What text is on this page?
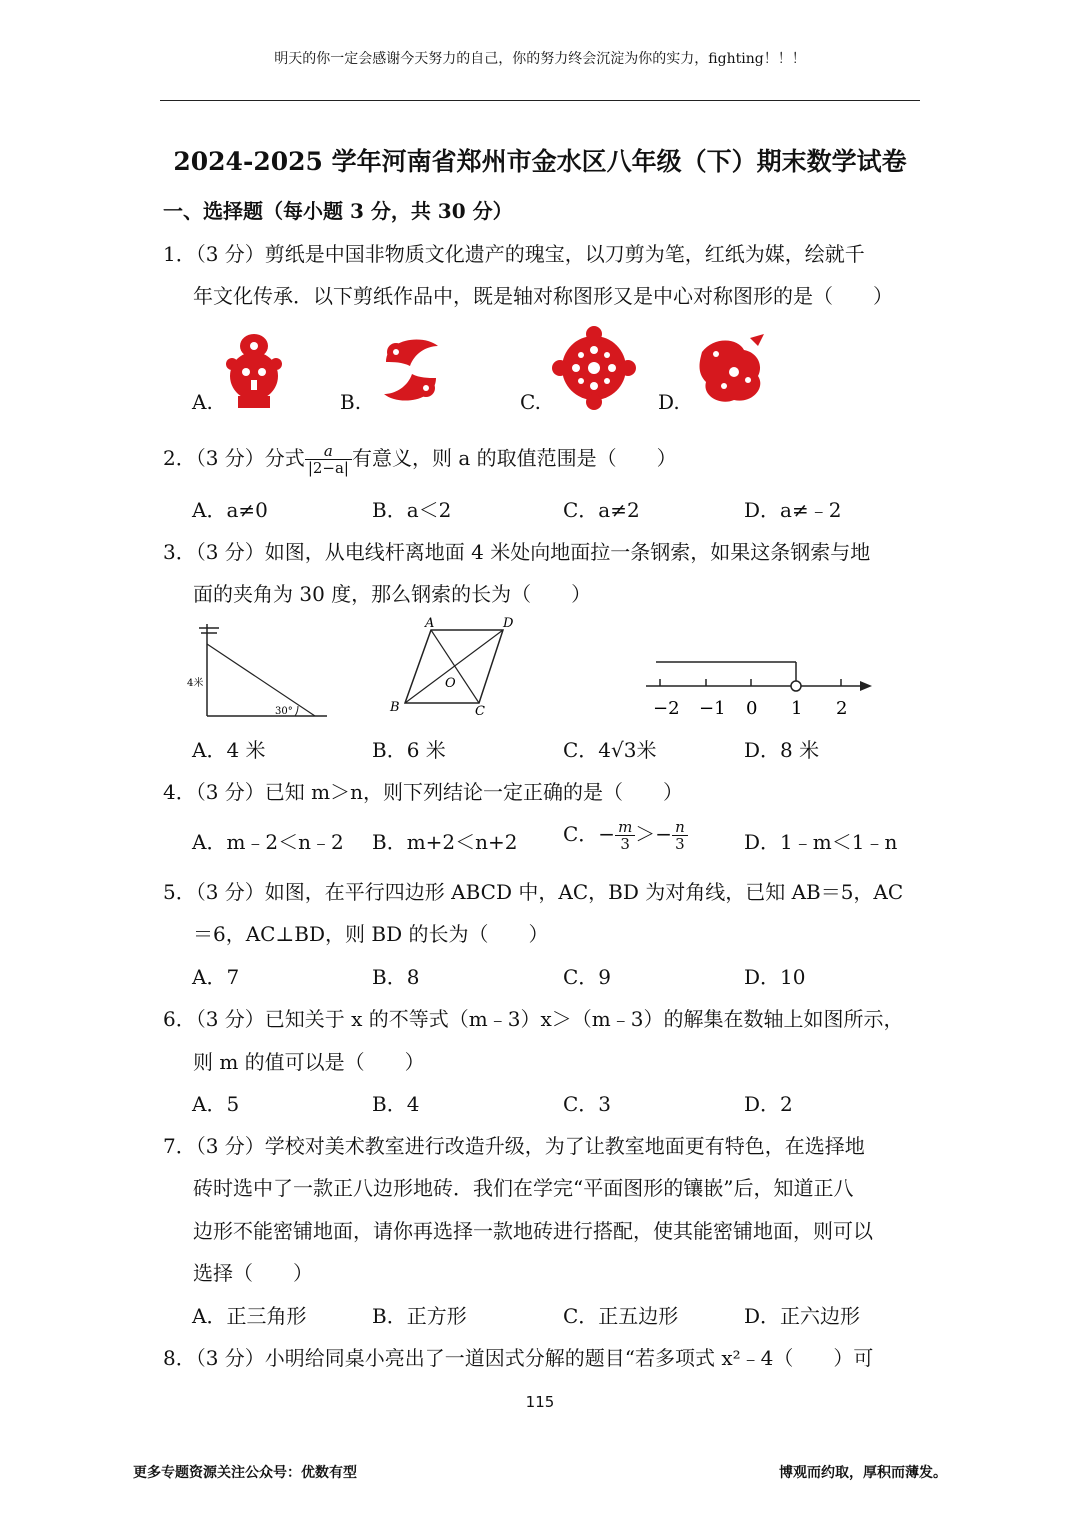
明天的你一定会感谢今天努力的自己，你的努力终会沉淀为你的实力，fighting！！！
2024-2025 学年河南省郑州市金水区八年级（下）期末数学试卷
一、选择题（每小题 3 分，共 30 分）
1．（3 分）剪纸是中国非物质文化遗产的瑰宝，以刀剪为笔，红纸为媒，绘就千
年文化传承．以下剪纸作品中，既是轴对称图形又是中心对称图形的是（　　）
A.	B.	C.	D.
2．（3 分）分式 $\frac{a}{|2-a|}$ 有意义，则 a 的取值范围是（　　）
A．a≠0	B．a＜2	C．a≠2	D．a≠﹣2
3．（3 分）如图，从电线杆离地面 4 米处向地面拉一条钢索，如果这条钢索与地
面的夹角为 30 度，那么钢索的长为（　　）
4米
30°
A	D
B	C
O
−2 −1 0 1 2
A．4 米	B．6 米	C．4√3米	D．8 米
4．（3 分）已知 m＞n，则下列结论一定正确的是（　　）
A．m﹣2＜n﹣2 B．m+2＜n+2 C．− $\frac{m}{3} >- \frac{n}{3}$	D．1﹣m＜1﹣n
5．（3 分）如图，在平行四边形 ABCD 中，AC，BD 为对角线，已知 AB＝5，AC
＝6，AC⊥BD，则 BD 的长为（　　）
A．7	B．8	C．9	D．10
6．（3 分）已知关于 x 的不等式（m﹣3）x＞（m﹣3）的解集在数轴上如图所示，
则 m 的值可以是（　　）
A．5	B．4	C．3	D．2
7．（3 分）学校对美术教室进行改造升级，为了让教室地面更有特色，在选择地
砖时选中了一款正八边形地砖．我们在学完“平面图形的镶嵌”后，知道正八
边形不能密铺地面，请你再选择一款地砖进行搭配，使其能密铺地面，则可以
选择（　　）
A．正三角形	B．正方形	C．正五边形	D．正六边形
8．（3 分）小明给同桌小亮出了一道因式分解的题目“若多项式 x²﹣4（　　）可
115
更多专题资源关注公众号：优数有型	博观而约取，厚积而薄发。
